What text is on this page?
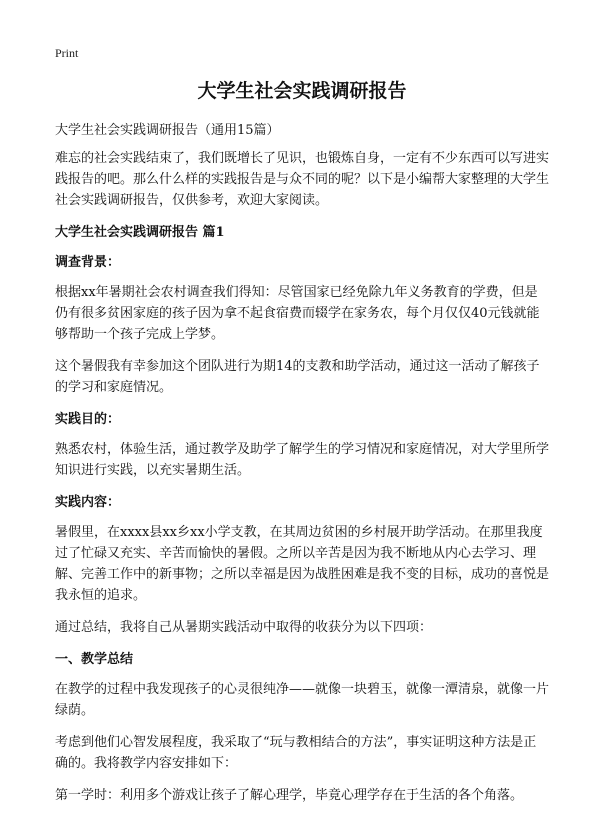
Print
大学生社会实践调研报告

大学生社会实践调研报告（通用15篇）

难忘的社会实践结束了，我们既增长了见识，也锻炼自身，一定有不少东西可以写进实践报告的吧。那么什么样的实践报告是与众不同的呢？以下是小编帮大家整理的大学生社会实践调研报告，仅供参考，欢迎大家阅读。

大学生社会实践调研报告 篇1
调查背景：

根据xx年暑期社会农村调查我们得知：尽管国家已经免除九年义务教育的学费，但是仍有很多贫困家庭的孩子因为拿不起食宿费而辍学在家务农，每个月仅仅40元钱就能够帮助一个孩子完成上学梦。

这个暑假我有幸参加这个团队进行为期14的支教和助学活动，通过这一活动了解孩子的学习和家庭情况。

实践目的：

熟悉农村，体验生活，通过教学及助学了解学生的学习情况和家庭情况，对大学里所学知识进行实践，以充实暑期生活。

实践内容：

暑假里，在xxxx县xx乡xx小学支教，在其周边贫困的乡村展开助学活动。在那里我度过了忙碌又充实、辛苦而愉快的暑假。之所以辛苦是因为我不断地从内心去学习、理解、完善工作中的新事物；之所以幸福是因为战胜困难是我不变的目标，成功的喜悦是我永恒的追求。

通过总结，我将自己从暑期实践活动中取得的收获分为以下四项：

一、教学总结

在教学的过程中我发现孩子的心灵很纯净——就像一块碧玉，就像一潭清泉，就像一片绿荫。

考虑到他们心智发展程度，我采取了“玩与教相结合的方法”，事实证明这种方法是正确的。我将教学内容安排如下：

第一学时：利用多个游戏让孩子了解心理学，毕竟心理学存在于生活的各个角落。
